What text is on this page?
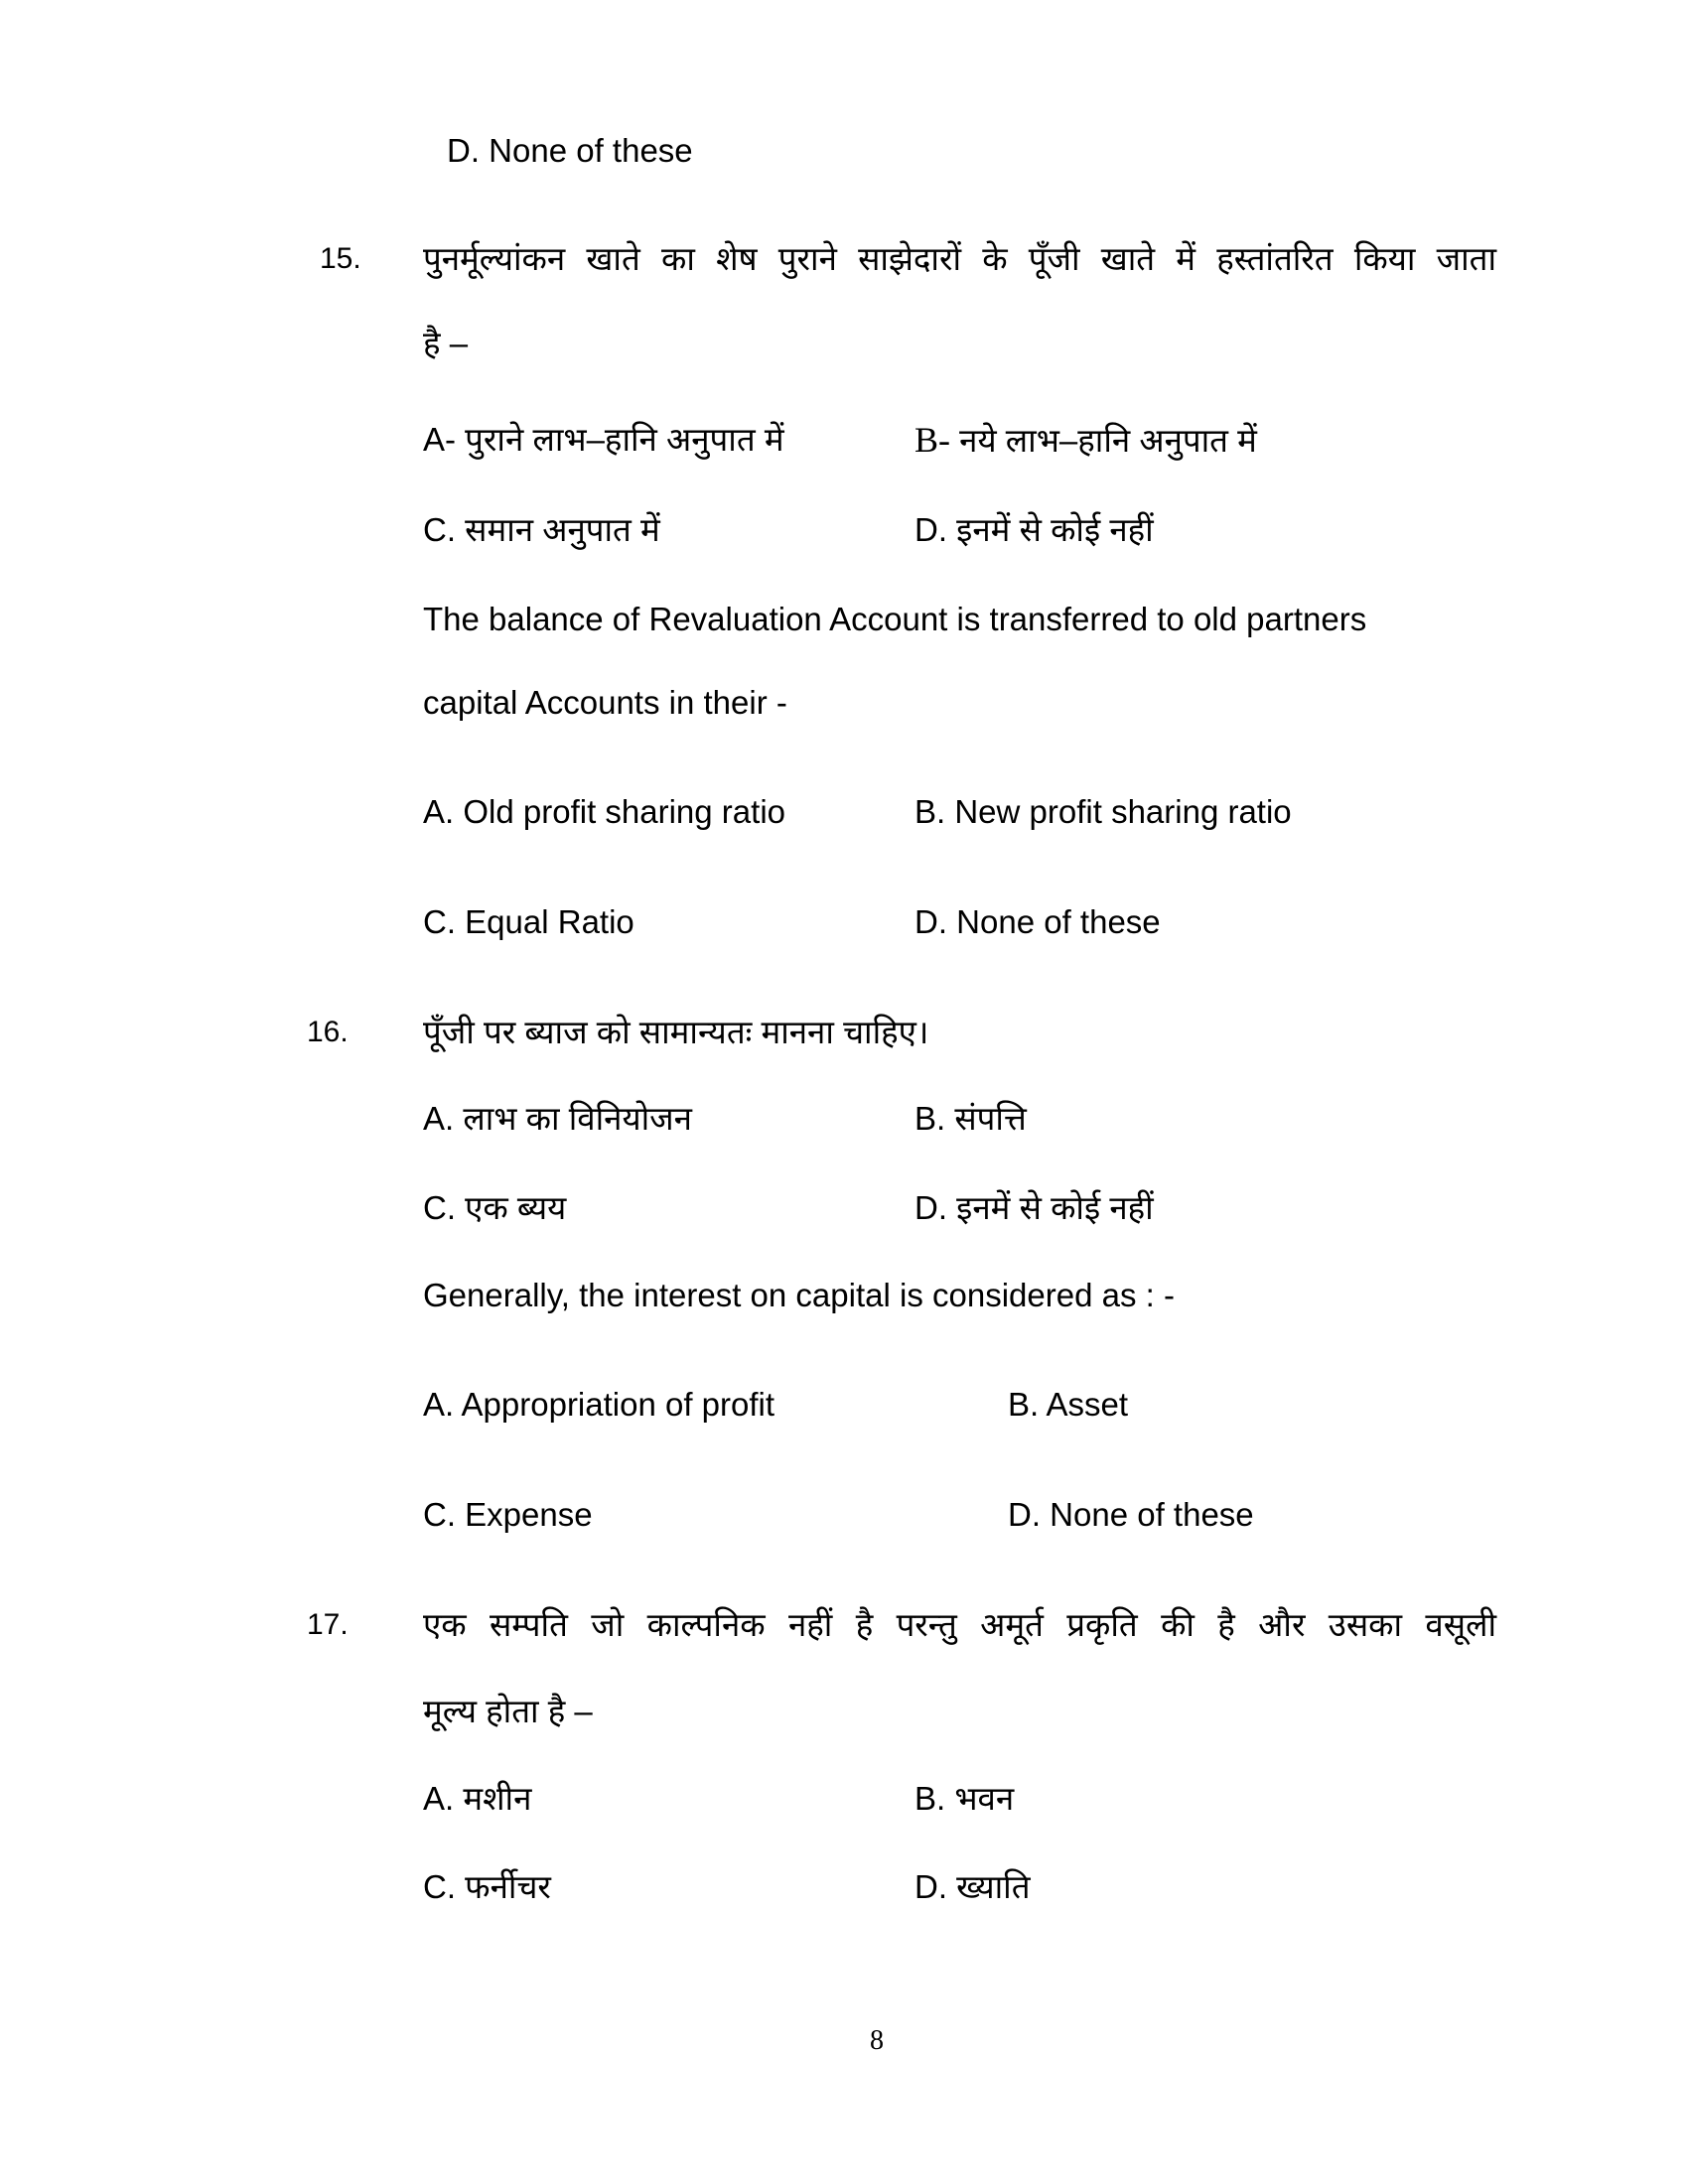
D. None of these
15. पुनर्मूल्यांकन खाते का शेष पुराने साझेदारों के पूँजी खाते में हस्तांतरित किया जाता
है –
A- पुराने लाभ–हानि अनुपात में	B- नये लाभ–हानि अनुपात में
C. समान अनुपात में	D. इनमें से कोई नहीं
The balance of Revaluation Account is transferred to old partners
capital Accounts in their -
A. Old profit sharing ratio	B. New profit sharing ratio
C. Equal Ratio	D. None of these
16. पूँजी पर ब्याज को सामान्यतः मानना चाहिए।
A. लाभ का विनियोजन	B. संपत्ति
C. एक ब्यय	D. इनमें से कोई नहीं
Generally, the interest on capital is considered as : -
A. Appropriation of profit	B. Asset
C. Expense	D. None of these
17. एक सम्पति जो काल्पनिक नहीं है परन्तु अमूर्त प्रकृति की है और उसका वसूली
मूल्य होता है –
A. मशीन	B. भवन
C. फर्नीचर	D. ख्याति
8
